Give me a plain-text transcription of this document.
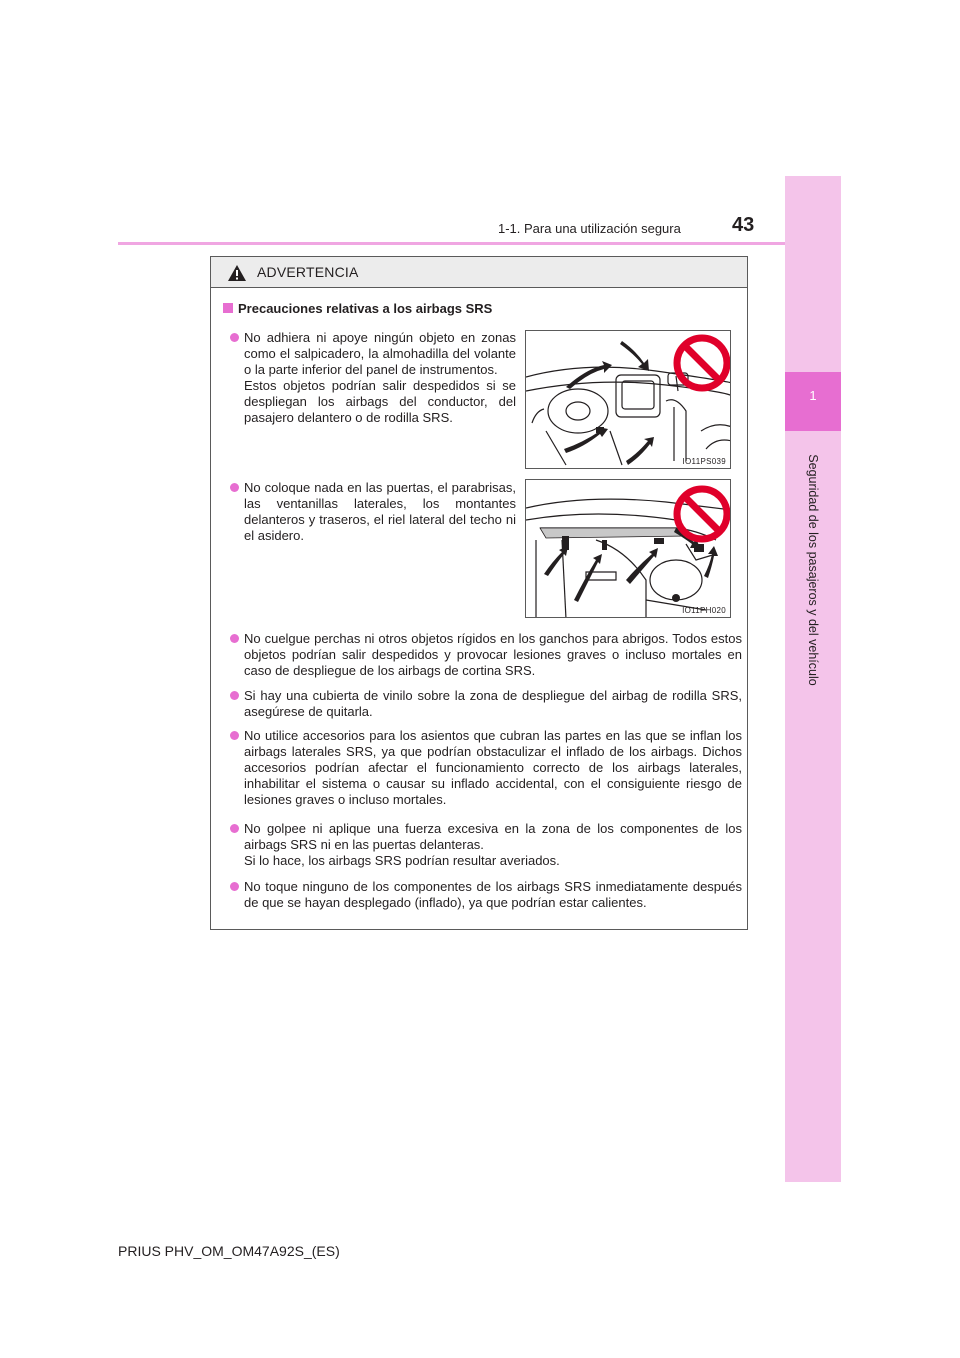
1
Seguridad de los pasajeros y del vehículo
1-1. Para una utilización segura	43
ADVERTENCIA
Precauciones relativas a los airbags SRS

No adhiera ni apoye ningún objeto en zonas como el salpicadero, la almohadilla del volante o la parte inferior del panel de instrumentos.

Estos objetos podrían salir despedidos si se despliegan los airbags del conductor, del pasajero delantero o de rodilla SRS.

IO11PS039

No coloque nada en las puertas, el parabrisas, las ventanillas laterales, los montantes delanteros y traseros, el riel lateral del techo ni el asidero.

IO11PH020

No cuelgue perchas ni otros objetos rígidos en los ganchos para abrigos. Todos estos objetos podrían salir despedidos y provocar lesiones graves o incluso mortales en caso de despliegue de los airbags de cortina SRS.

Si hay una cubierta de vinilo sobre la zona de despliegue del airbag de rodilla SRS, asegúrese de quitarla.

No utilice accesorios para los asientos que cubran las partes en las que se inflan los airbags laterales SRS, ya que podrían obstaculizar el inflado de los airbags. Dichos accesorios podrían afectar el funcionamiento correcto de los airbags laterales, inhabilitar el sistema o causar su inflado accidental, con el consiguiente riesgo de lesiones graves o incluso mortales.

No golpee ni aplique una fuerza excesiva en la zona de los componentes de los airbags SRS ni en las puertas delanteras.

Si lo hace, los airbags SRS podrían resultar averiados.

No toque ninguno de los componentes de los airbags SRS inmediatamente después de que se hayan desplegado (inflado), ya que podrían estar calientes.

PRIUS PHV_OM_OM47A92S_(ES)
